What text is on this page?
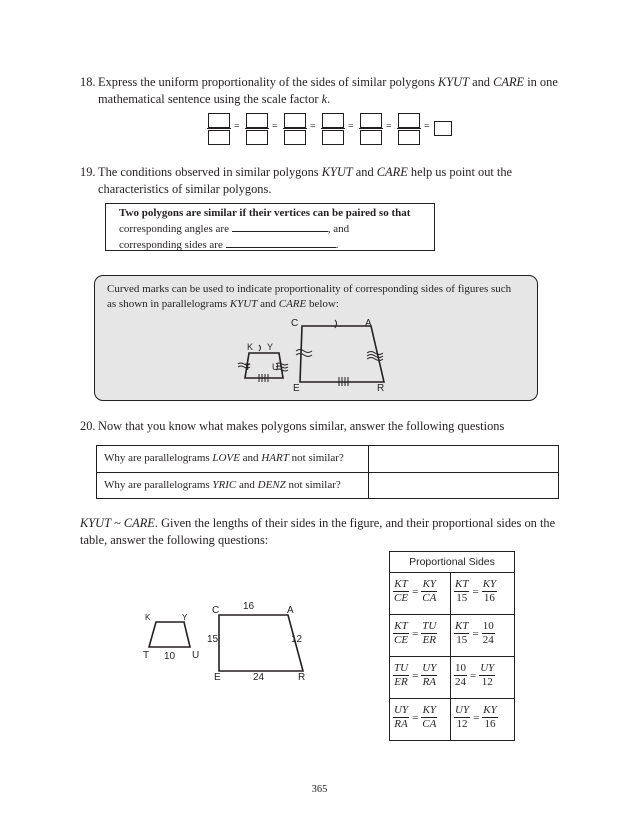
18. Express the uniform proportionality of the sides of similar polygons KYUT and CARE in one mathematical sentence using the scale factor k.
=	=	=	=	=	=
19. The conditions observed in similar polygons KYUT and CARE help us point out the characteristics of similar polygons.
Two polygons are similar if their vertices can be paired so that
corresponding angles are	, and
corresponding sides are	.
Curved marks can be used to indicate proportionality of corresponding sides of figures such
as shown in parallelograms KYUT and CARE below:
K Y
T U
C	A
E	R
20. Now that you know what makes polygons similar, answer the following questions
Why are parallelograms LOVE and HART not similar?
Why are parallelograms YRIC and DENZ not similar?
KYUT ~ CARE. Given the lengths of their sides in the figure, and their proportional sides on the table, answer the following questions:
K	Y
T 10 U
C 16	A
15	12
E	24	R
Proportional Sides
$\frac{KT}{CE} = \frac{KY}{CA} \frac{KT}{15} = \frac{KY}{16}$
$\frac{KT}{CE} = \frac{TU}{ER} \frac{KT}{15} = \frac{10}{24}$
$\frac{TU}{ER} = \frac{UY}{RA} \frac{10}{24} = \frac{UY}{12}$
$\frac{UY}{RA} = \frac{KY}{CA} \frac{UY}{12} = \frac{KY}{16}$
365
